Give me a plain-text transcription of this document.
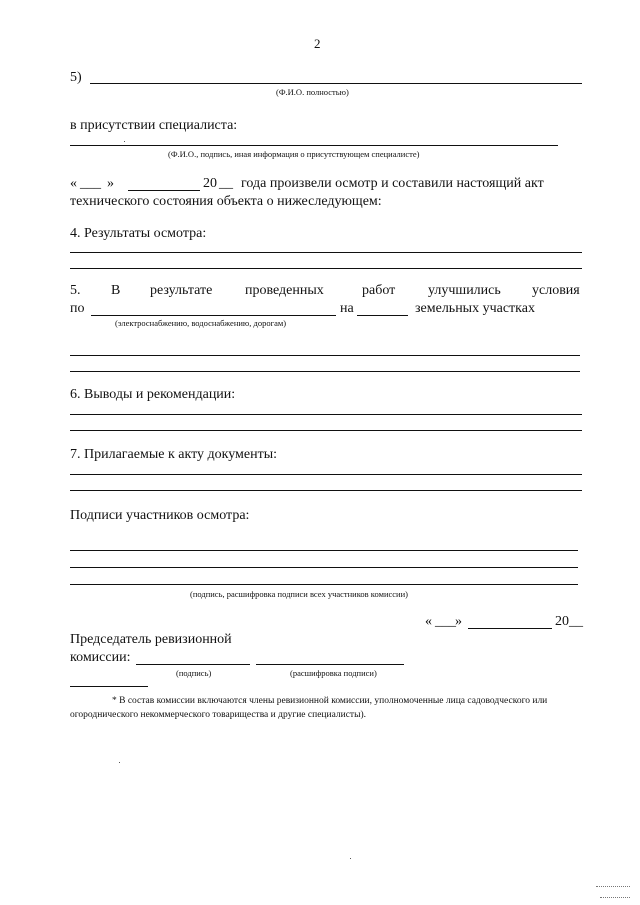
2
5)
(Ф.И.О. полностью)
в присутствии специалиста:
(Ф.И.О., подпись, иная информация о присутствующем специалисте)
« ___ »	20 __ года произвели осмотр и составили настоящий акт
технического состояния объекта о нижеследующем:
4. Результаты осмотра:
5. В результате проведенных	работ улучшились условия
по	на	земельных участках
(электроснабжению, водоснабжению, дорогам)
6. Выводы и рекомендации:
7. Прилагаемые к акту документы:
Подписи участников осмотра:
(подпись, расшифровка подписи всех участников комиссии)
« ___ »	20__
Председатель ревизионной
комиссии:
(подпись)	(расшифровка подписи)
* В состав комиссии включаются члены ревизионной комиссии, уполномоченные лица садоводческого или огороднического некоммерческого товарищества и другие специалисты).
